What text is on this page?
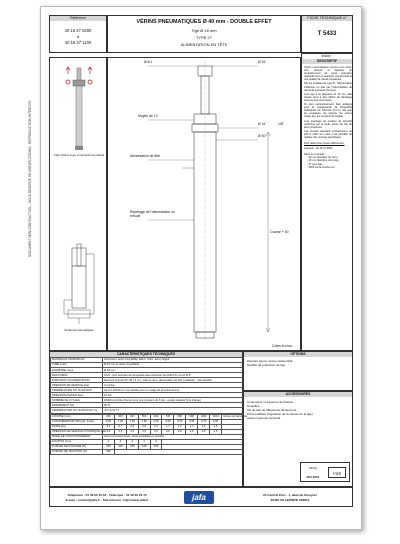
Référence
40 16 27 0200
à
40 16 27 1100
VÉRINS PNEUMATIQUES Ø 40 mm - DOUBLE EFFET
Tige Ø 16 mm
TYPE 27
ALIMENTATION EN TÊTE
FICHE TECHNIQUE n°
T 5433
Vérin fixant avec 2 raccords tournants
Schéma pneumatique
DOCUMENT NON CONTRACTUEL - SOUS RÉSERVE DE MODIFICATIONS - REPRODUCTION INTERDITE
Ø 8,1	Ø 16
Moyeu de 13
Ø 16	1/8"
Ø 40
Alimentation de tête
Repérage de l'alimentation ou refoule
Course + 60
Cotes en mm
indice :
DESCRIPTIF
Vérins pneumatiques conçus pour lever, tirer, pousser et déplacer en remplacement de toute opération manuelle tout en assurant une sécurité et une qualité de travail constantes.
Sur les modèles de type 27, l'alimentation s'effectue en tête par l'intermédiaire de raccords tournants (bornes).
Leur tige à un diamètre de 16 mm. Elle résiste ainsi à des efforts de flambage souvent plus importants.
Ils sont particulièrement bien adaptés pour la maintenance de Dispositifs Individuels de Sécurité (D.I.S.) tels que les soupapes, les clapets, les portes coupe-feu, les ouvrants de façade.
Leur avantage de position de sécurité s'effectue par la seule action de l'air de leurs chambres.
Les courses standard s'échelonnent de 200 à 1100 mm mais il est possible de réaliser des courses spécifiques.
Pour déterminer toutes différences:
exemple : 40 16 27 0600
Dans ce exemple :
- 40 mm diamètre du vérin,
- 16 mm diamètre de la tige,
- 27 type tige,
- 0600 est la course mm.
CARACTÉRISTIQUES TECHNIQUES
MATÉRIAUX PRINCIPAUX	Aluminium, acier inoxydable, laiton, nylon, acier zingué
TUBE corps	Ø 16 mm en acier inoxydable
DIAMÈTRE corps	Ø 40 mm
RACCORDS	G1/8 - joint tournant de composite avec bouchon de finition 8 x 6 sur Ø 8
DISPOSITIF D'ALIMENTATION	Raccord tournant Ø 1/8 x 6 mm, situé à vérin, alimentation de tête (maillette) - tube flexible
PRESSION DE SERVICE (bar)	2 à 6 bar
TEMPÉRATURE D'UTILISATION	Air sec lubrifié ou non lubrifié pour un usage de fonctionnement
PRESSION D'ESSAI (bar)	10 bar
NOMBRE DE CYCLES	10000 (contrôle d'usure pour une pression de 6 bar - essais réalisés hors charge)
RENDEMENT (%)	90 %
TEMPÉRATURE D'UTILISATION (°C)	-5°C à 60 °C
COURSE (mm)	200	300	400	500	600	700	800	900	1000	1100	Autres sur demande
CONSOMMATION (Nl/cycle, 6 bar)	0,90	1,25	1,60	1,95	2,30	2,65	3,00	3,35	3,70	4,05	
POIDS (kg)	0,6	0,7	0,8	0,9	1,0	1,1	1,2	1,3	1,4	1,5	
PRESSION DE SERVICE DYNAMIQUE (bar)	2,6	2,6	2,6	2,6	2,6	2,6	2,6	2,6	2,6	2,6	
MODE DE FONCTIONNEMENT	Avec la fonction fixant, sortie souhaitée en position										
FIXATION (mm)	4	4	4	4	4						
FORCES DE POUSSÉE (N)	440	440	440	440	440						
FORCES DE TRACTION (N)	330										
OPTIONS
Peinture époxy, autres teintes RAL.
Soufflet de protection de tige.
ACCESSOIRES
Connecteur et équerres de fixation.
Coquilles.
Vis de tête de différentes dimensions.
Porte-outillées (régulation de la vitesse de la tige).
Autres types de raccords.
AFAQ
ISO 9001
VdS
Téléphone : 01 48 60 10 53 - Télécopie : 01 48 60 26 73
E-mail : contact@jafa.fr - Site internet : http://www.jafa.fr	jafa	24 Central Parc - 1, allée du Songrier
93420 VILLEPINTE CEDEX
